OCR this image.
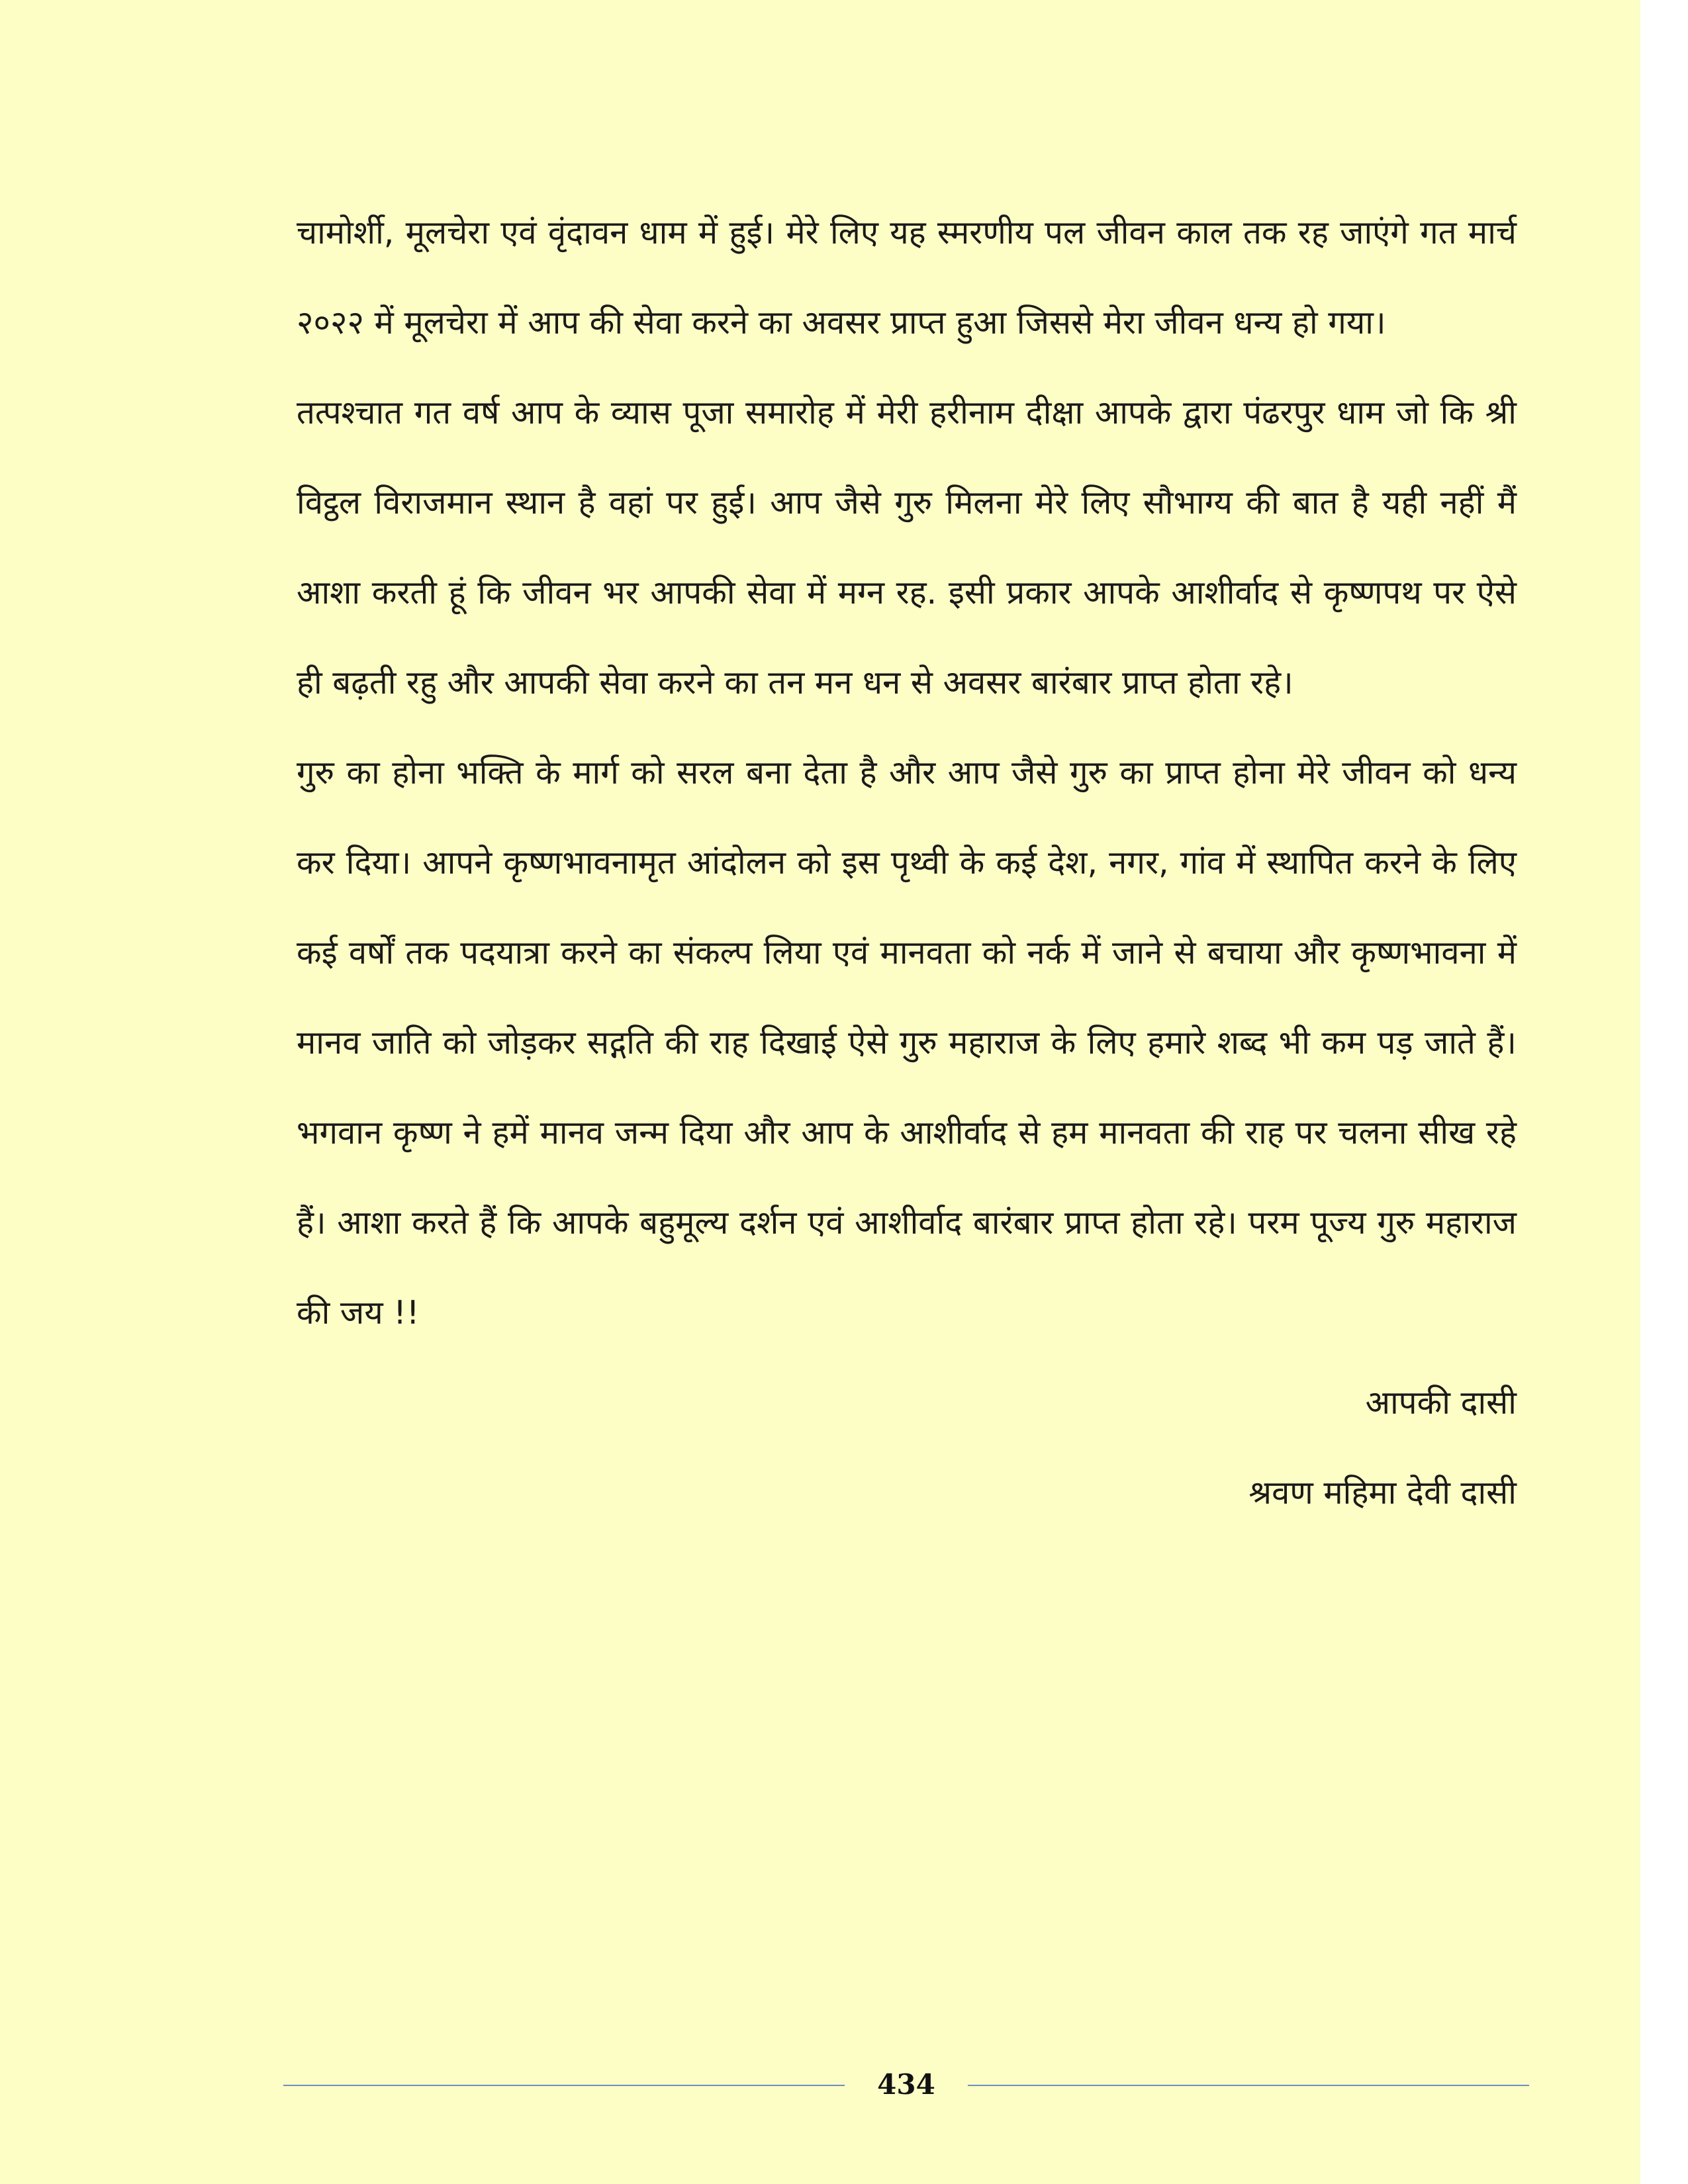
चामोर्शी, मूलचेरा एवं वृंदावन धाम में हुई। मेरे लिए यह स्मरणीय पल जीवन काल तक रह जाएंगे गत मार्च २०२२ में मूलचेरा में आप की सेवा करने का अवसर प्राप्त हुआ जिससे मेरा जीवन धन्य हो गया।

तत्पश्चात गत वर्ष आप के व्यास पूजा समारोह में मेरी हरीनाम दीक्षा आपके द्वारा पंढरपुर धाम जो कि श्री विट्ठल विराजमान स्थान है वहां पर हुई। आप जैसे गुरु मिलना मेरे लिए सौभाग्य की बात है यही नहीं मैं आशा करती हूं कि जीवन भर आपकी सेवा में मग्न रह. इसी प्रकार आपके आशीर्वाद से कृष्णपथ पर ऐसे ही बढ़ती रहु और आपकी सेवा करने का तन मन धन से अवसर बारंबार प्राप्त होता रहे।

गुरु का होना भक्ति के मार्ग को सरल बना देता है और आप जैसे गुरु का प्राप्त होना मेरे जीवन को धन्य कर दिया। आपने कृष्णभावनामृत आंदोलन को इस पृथ्वी के कई देश, नगर, गांव में स्थापित करने के लिए कई वर्षों तक पदयात्रा करने का संकल्प लिया एवं मानवता को नर्क में जाने से बचाया और कृष्णभावना में मानव जाति को जोड़कर सद्गति की राह दिखाई ऐसे गुरु महाराज के लिए हमारे शब्द भी कम पड़ जाते हैं। भगवान कृष्ण ने हमें मानव जन्म दिया और आप के आशीर्वाद से हम मानवता की राह पर चलना सीख रहे हैं। आशा करते हैं कि आपके बहुमूल्य दर्शन एवं आशीर्वाद बारंबार प्राप्त होता रहे। परम पूज्य गुरु महाराज की जय !!

आपकी दासी

श्रवण महिमा देवी दासी

434
